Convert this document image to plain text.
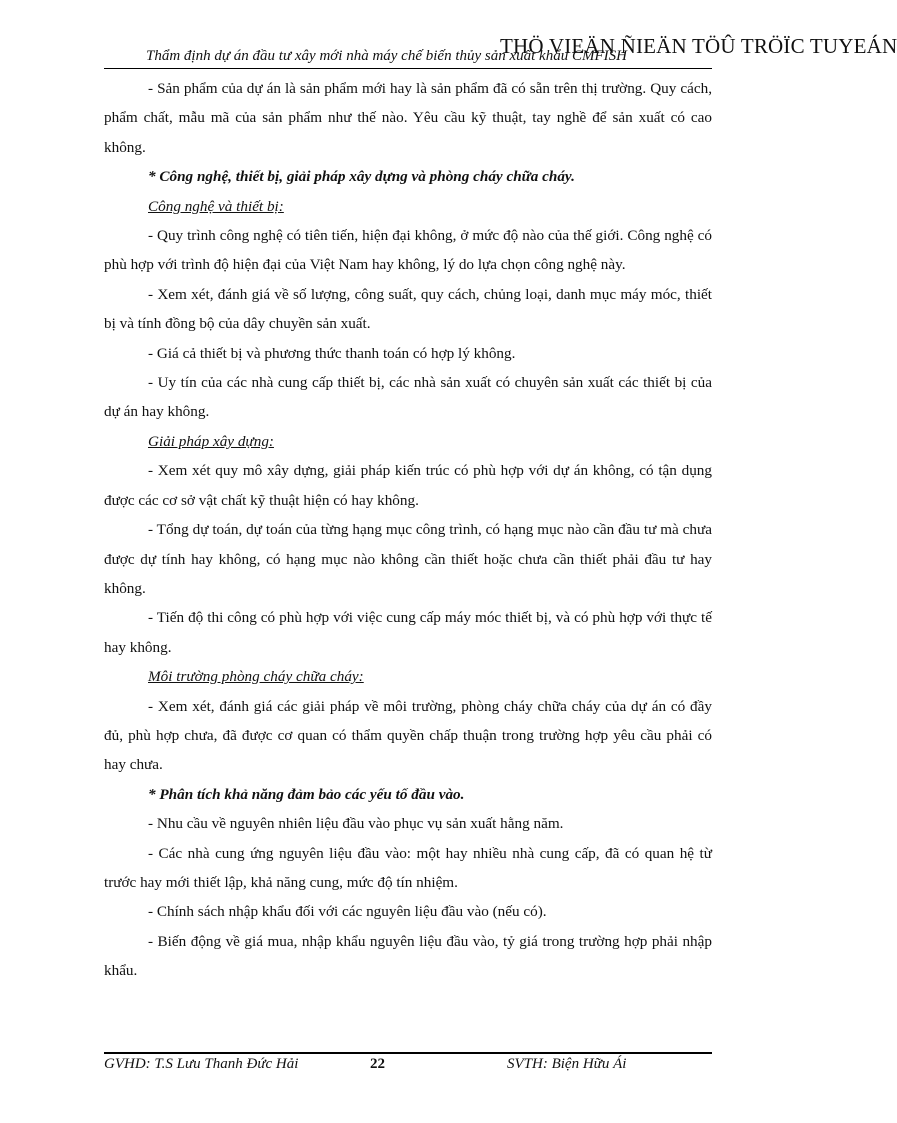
THÖ VIEÄN ÑIEÄN TÖÛ TRÖÏC TUYEÁN
Thẩm định dự án đầu tư xây mới nhà máy chế biến thủy sản xuất khẩu CMFISH

- Sản phẩm của dự án là sản phẩm mới hay là sản phẩm đã có sẵn trên thị trường. Quy cách, phẩm chất, mẫu mã của sản phẩm như thế nào. Yêu cầu kỹ thuật, tay nghề để sản xuất có cao không.

* Công nghệ, thiết bị, giải pháp xây dựng và phòng cháy chữa cháy.

Công nghệ và thiết bị:

- Quy trình công nghệ có tiên tiến, hiện đại không, ở mức độ nào của thế giới. Công nghệ có phù hợp với trình độ hiện đại của Việt Nam hay không, lý do lựa chọn công nghệ này.

- Xem xét, đánh giá về số lượng, công suất, quy cách, chủng loại, danh mục máy móc, thiết bị và tính đồng bộ của dây chuyền sản xuất.

- Giá cả thiết bị và phương thức thanh toán có hợp lý không.

- Uy tín của các nhà cung cấp thiết bị, các nhà sản xuất có chuyên sản xuất các thiết bị của dự án hay không.

Giải pháp xây dựng:

- Xem xét quy mô xây dựng, giải pháp kiến trúc có phù hợp với dự án không, có tận dụng được các cơ sở vật chất kỹ thuật hiện có hay không.

- Tổng dự toán, dự toán của từng hạng mục công trình, có hạng mục nào cần đầu tư mà chưa được dự tính hay không, có hạng mục nào không cần thiết hoặc chưa cần thiết phải đầu tư hay không.

- Tiến độ thi công có phù hợp với việc cung cấp máy móc thiết bị, và có phù hợp với thực tế hay không.

Môi trường phòng cháy chữa cháy:

- Xem xét, đánh giá các giải pháp về môi trường, phòng cháy chữa cháy của dự án có đầy đủ, phù hợp chưa, đã được cơ quan có thẩm quyền chấp thuận trong trường hợp yêu cầu phải có hay chưa.

* Phân tích khả năng đảm bảo các yếu tố đầu vào.

- Nhu cầu về nguyên nhiên liệu đầu vào phục vụ sản xuất hằng năm.

- Các nhà cung ứng nguyên liệu đầu vào: một hay nhiều nhà cung cấp, đã có quan hệ từ trước hay mới thiết lập, khả năng cung, mức độ tín nhiệm.

- Chính sách nhập khẩu đối với các nguyên liệu đầu vào (nếu có).

- Biến động về giá mua, nhập khẩu nguyên liệu đầu vào, tỷ giá trong trường hợp phải nhập khẩu.

GVHD: T.S Lưu Thanh Đức Hải	22	SVTH: Biện Hữu Ái
